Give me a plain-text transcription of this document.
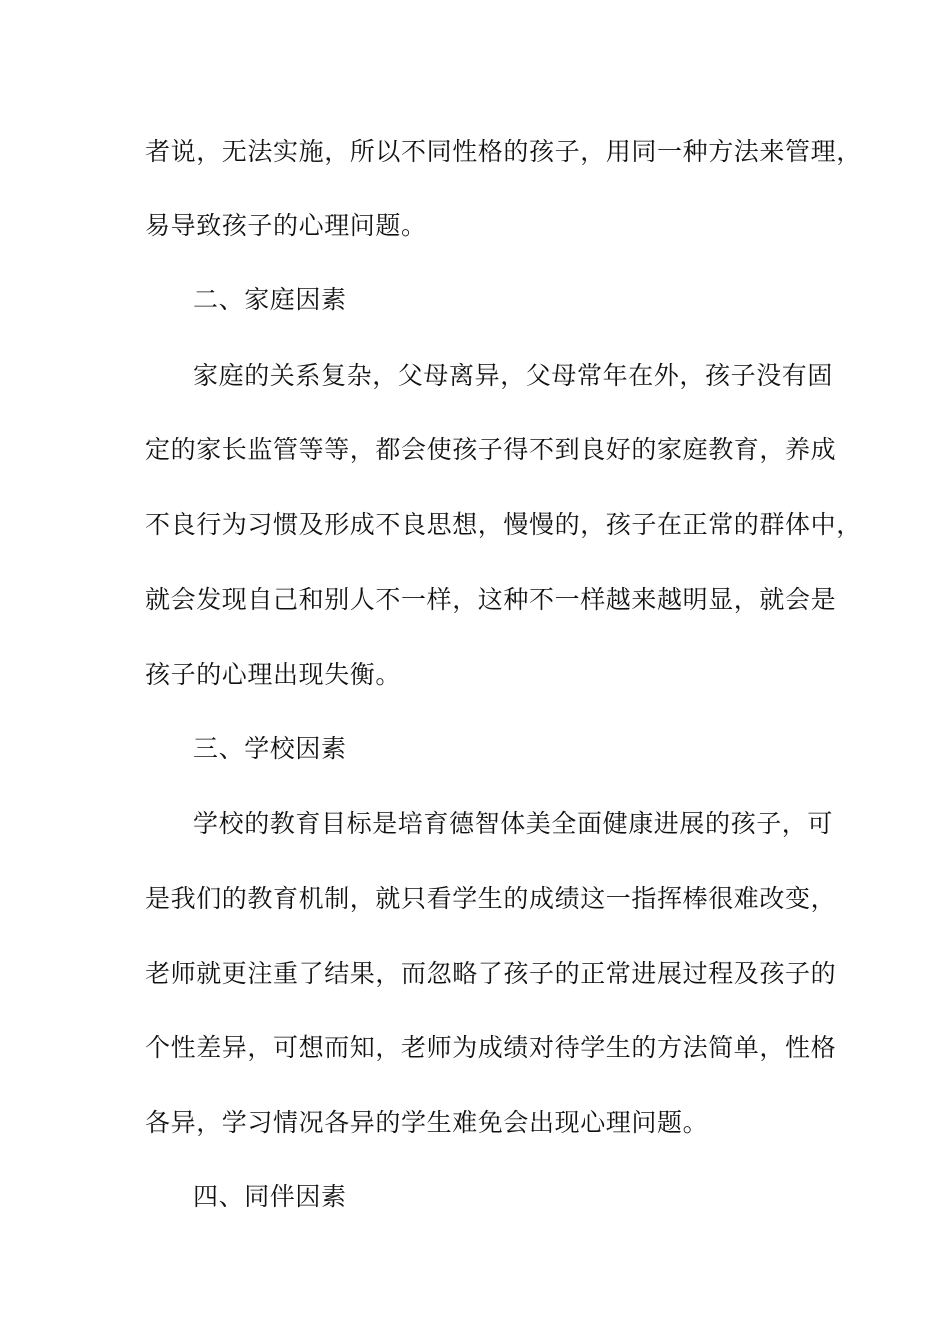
者说，无法实施，所以不同性格的孩子，用同一种方法来管理，
易导致孩子的心理问题。
二、家庭因素
家庭的关系复杂，父母离异，父母常年在外，孩子没有固
定的家长监管等等，都会使孩子得不到良好的家庭教育，养成
不良行为习惯及形成不良思想，慢慢的，孩子在正常的群体中，
就会发现自己和别人不一样，这种不一样越来越明显，就会是
孩子的心理出现失衡。
三、学校因素
学校的教育目标是培育德智体美全面健康进展的孩子，可
是我们的教育机制，就只看学生的成绩这一指挥棒很难改变，
老师就更注重了结果，而忽略了孩子的正常进展过程及孩子的
个性差异，可想而知，老师为成绩对待学生的方法简单，性格
各异，学习情况各异的学生难免会出现心理问题。
四、同伴因素
